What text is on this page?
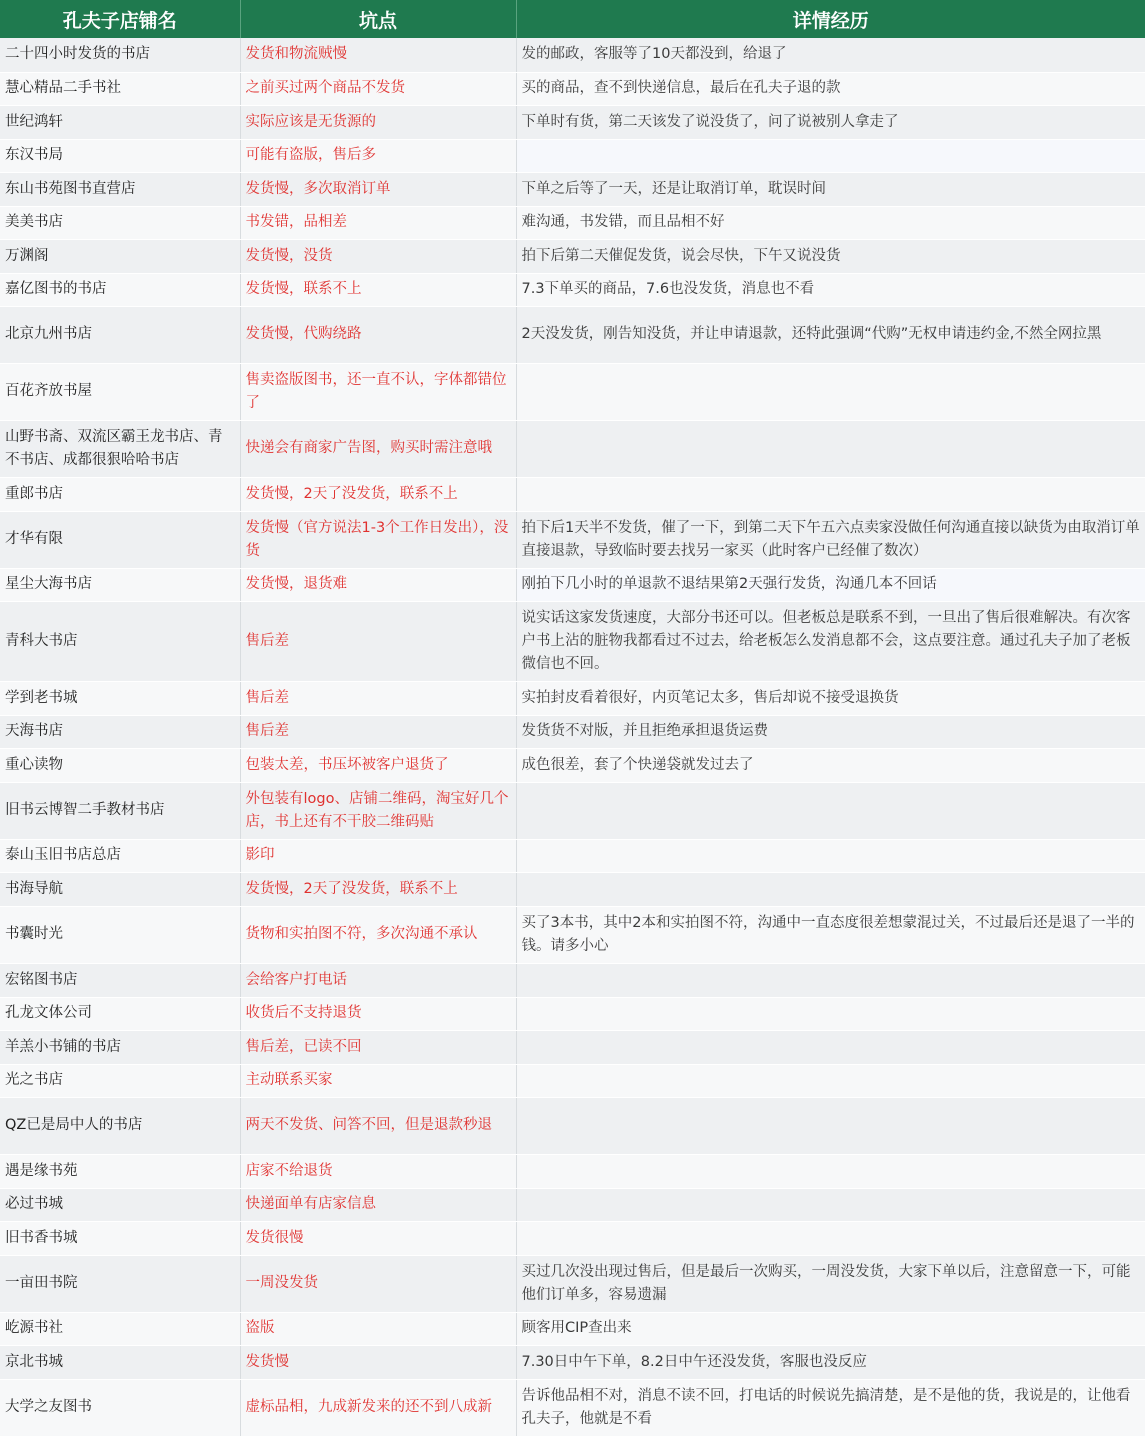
孔夫子店铺名	坑点	详情经历
二十四小时发货的书店	发货和物流贼慢	发的邮政，客服等了10天都没到，给退了
慧心精品二手书社	之前买过两个商品不发货	买的商品，查不到快递信息，最后在孔夫子退的款
世纪鸿轩	实际应该是无货源的	下单时有货，第二天该发了说没货了，问了说被别人拿走了
东汉书局	可能有盗版，售后多	
东山书苑图书直营店	发货慢，多次取消订单	下单之后等了一天，还是让取消订单，耽误时间
美美书店	书发错，品相差	难沟通，书发错，而且品相不好
万渊阁	发货慢，没货	拍下后第二天催促发货，说会尽快，下午又说没货
嘉亿图书的书店	发货慢，联系不上	7.3下单买的商品，7.6也没发货，消息也不看
北京九州书店	发货慢，代购绕路	2天没发货，刚告知没货，并让申请退款，还特此强调“代购”无权申请违约金,不然全网拉黑
百花齐放书屋	售卖盗版图书，还一直不认，字体都错位了	
山野书斋、双流区霸王龙书店、青不书店、成都很狠哈哈书店	快递会有商家广告图，购买时需注意哦	
重郎书店	发货慢，2天了没发货，联系不上	
才华有限	发货慢（官方说法1-3个工作日发出），没货	拍下后1天半不发货，催了一下，到第二天下午五六点卖家没做任何沟通直接以缺货为由取消订单直接退款，导致临时要去找另一家买（此时客户已经催了数次）
星尘大海书店	发货慢，退货难	刚拍下几小时的单退款不退结果第2天强行发货，沟通几本不回话
青科大书店	售后差	说实话这家发货速度，大部分书还可以。但老板总是联系不到，一旦出了售后很难解决。有次客户书上沾的脏物我都看过不过去，给老板怎么发消息都不会，这点要注意。通过孔夫子加了老板微信也不回。
学到老书城	售后差	实拍封皮看着很好，内页笔记太多，售后却说不接受退换货
天海书店	售后差	发货货不对版，并且拒绝承担退货运费
重心读物	包装太差，书压坏被客户退货了	成色很差，套了个快递袋就发过去了
旧书云博智二手教材书店	外包装有logo、店铺二维码，淘宝好几个店，书上还有不干胶二维码贴	
泰山玉旧书店总店	影印	
书海导航	发货慢，2天了没发货，联系不上	
书囊时光	货物和实拍图不符，多次沟通不承认	买了3本书，其中2本和实拍图不符，沟通中一直态度很差想蒙混过关，不过最后还是退了一半的钱。请多小心
宏铭图书店	会给客户打电话	
孔龙文体公司	收货后不支持退货	
羊羔小书铺的书店	售后差，已读不回	
光之书店	主动联系买家	
QZ已是局中人的书店	两天不发货、问答不回，但是退款秒退	
遇是缘书苑	店家不给退货	
必过书城	快递面单有店家信息	
旧书香书城	发货很慢	
一亩田书院	一周没发货	买过几次没出现过售后，但是最后一次购买，一周没发货，大家下单以后，注意留意一下，可能他们订单多，容易遗漏
屹源书社	盗版	顾客用CIP查出来
京北书城	发货慢	7.30日中午下单，8.2日中午还没发货，客服也没反应
大学之友图书	虚标品相，九成新发来的还不到八成新	告诉他品相不对，消息不读不回，打电话的时候说先搞清楚，是不是他的货，我说是的，让他看孔夫子，他就是不看
